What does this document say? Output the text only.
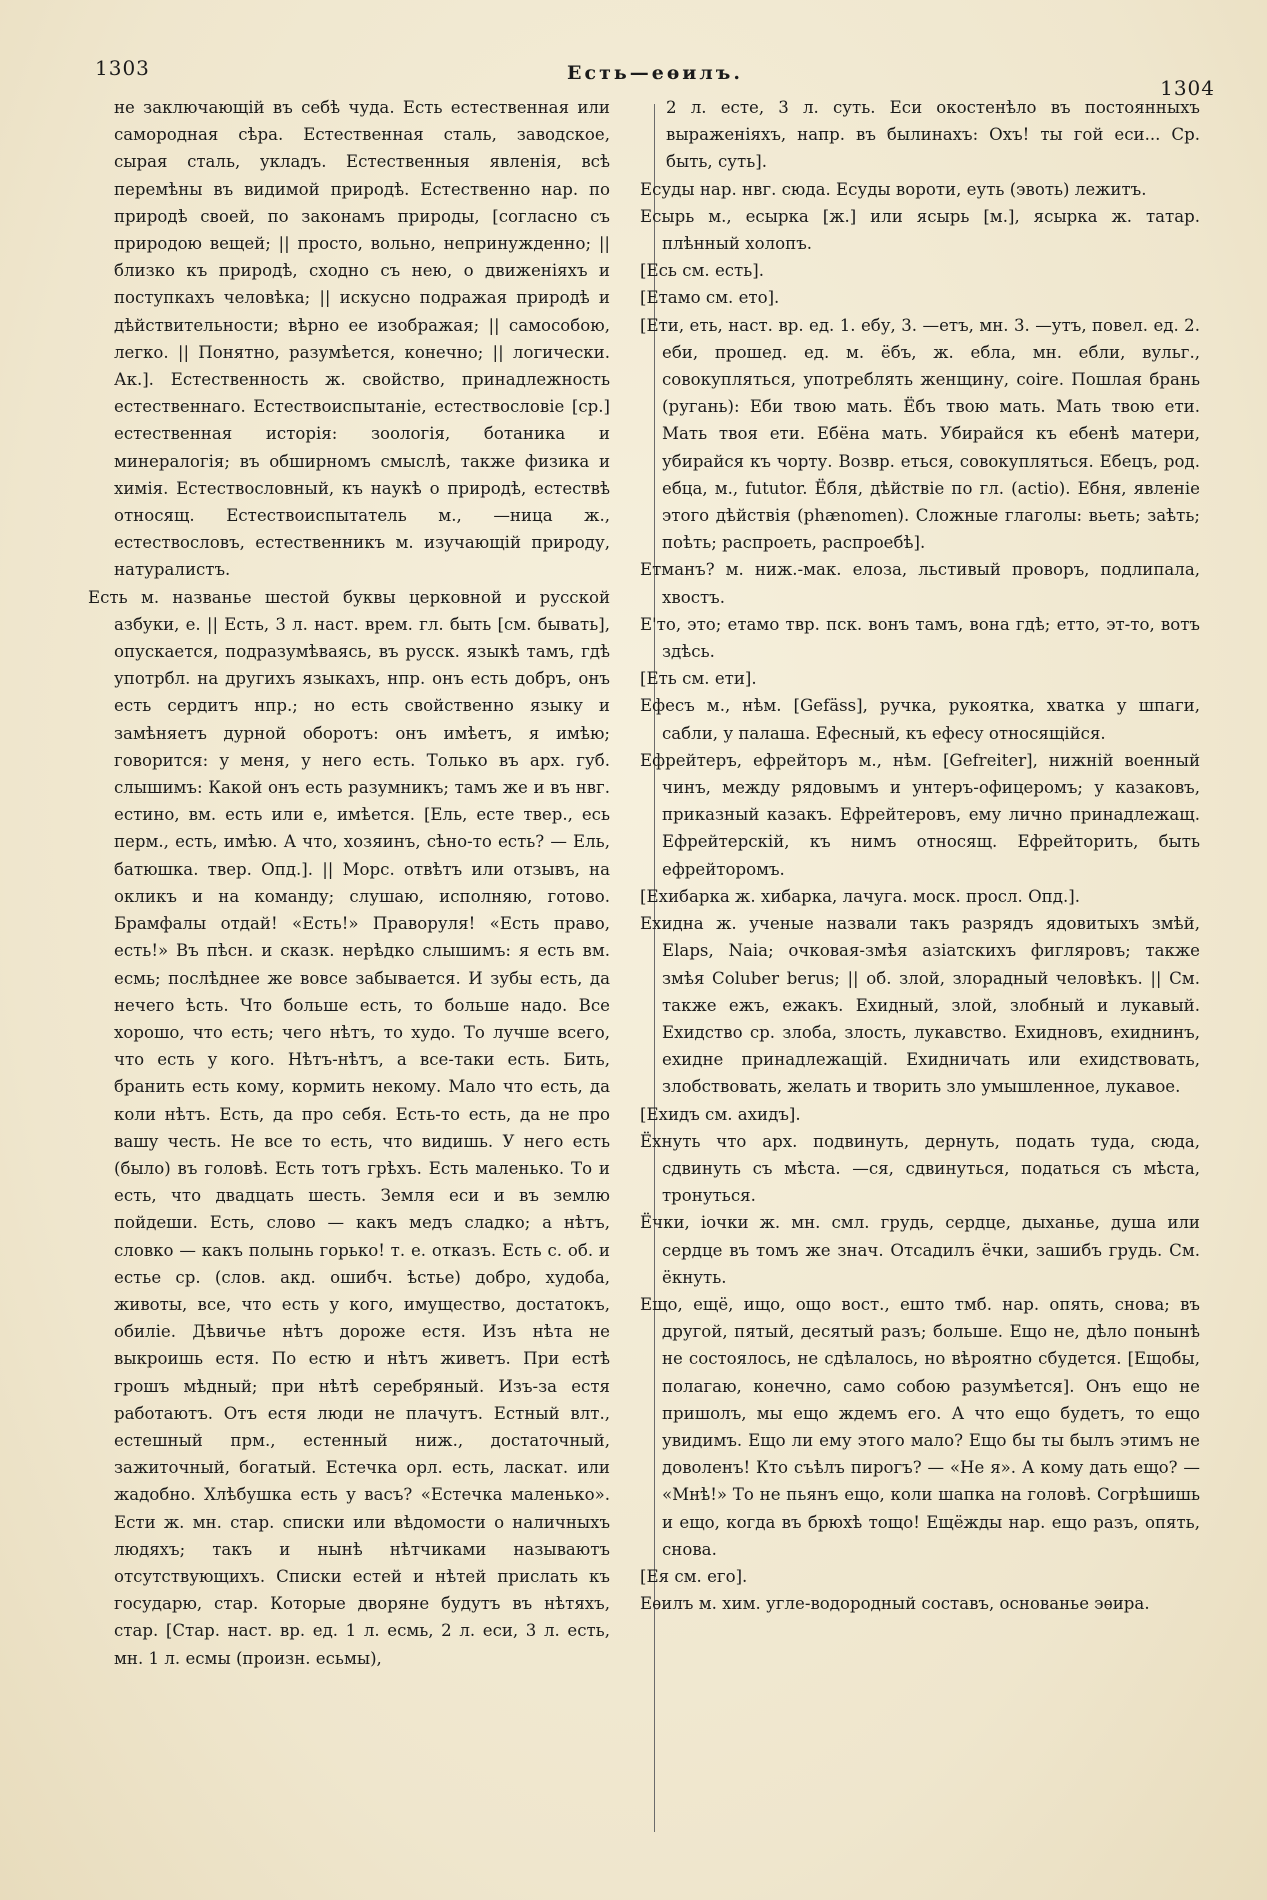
1303	Есть—еѳилъ.
1304
не заключающiй въ себѣ чуда. Есть естественная или самородная сѣра. Естественная сталь, заводское, сырая сталь, укладъ. Естественныя явленiя, всѣ перемѣны въ видимой природѣ. Естественно нар. по природѣ своей, по законамъ природы, [согласно съ природою вещей; || просто, вольно, непринужденно; || близко къ природѣ, сходно съ нею, о движенiяхъ и поступкахъ человѣка; || искусно подражая природѣ и дѣйствительности; вѣрно ее изображая; || самособою, легко. || Понятно, разумѣется, конечно; || логически. Ак.]. Естественность ж. свойство, принадлежность естественнаго. Естествоиспытанiе, естествословiе [ср.] естественная исторiя: зоологiя, ботаника и минералогiя; въ обширномъ смыслѣ, также физика и химiя. Естествословный, къ наукѣ о природѣ, естествѣ относящ. Естествоиспытатель м., —ница ж., естествословъ, естественникъ м. изучающiй природу, натуралистъ.
Есть м. названье шестой буквы церковной и русской азбуки, е. || Есть, 3 л. наст. врем. гл. быть [см. бывать], опускается, подразумѣваясь, въ русск. языкѣ тамъ, гдѣ употрбл. на другихъ языкахъ, нпр. онъ есть добръ, онъ есть сердитъ нпр.; но есть свойственно языку и замѣняетъ дурной оборотъ: онъ имѣетъ, я имѣю; говорится: у меня, у него есть. Только въ арх. губ. слышимъ: Какой онъ есть разумникъ; тамъ же и въ нвг. естино, вм. есть или е, имѣется. [Ель, есте твер., есь перм., есть, имѣю. А что, хозяинъ, сѣно-то есть? — Ель, батюшка. твер. Опд.]. || Морс. отвѣтъ или отзывъ, на окликъ и на команду; слушаю, исполняю, готово. Брамфалы отдай! «Есть!» Праворуля! «Есть право, есть!» Въ пѣсн. и сказк. нерѣдко слышимъ: я есть вм. есмь; послѣднее же вовсе забывается. И зубы есть, да нечего ѣсть. Что больше есть, то больше надо. Все хорошо, что есть; чего нѣтъ, то худо. То лучше всего, что есть у кого. Нѣтъ-нѣтъ, а все-таки есть. Бить, бранить есть кому, кормить некому. Мало что есть, да коли нѣтъ. Есть, да про себя. Есть-то есть, да не про вашу честь. Не все то есть, что видишь. У него есть (было) въ головѣ. Есть тотъ грѣхъ. Есть маленько. То и есть, что двадцать шесть. Земля еси и въ землю пойдеши. Есть, слово — какъ медъ сладко; а нѣтъ, словко — какъ полынь горько! т. е. отказъ. Есть с. об. и естье ср. (слов. акд. ошибч. ѣстье) добро, худоба, животы, все, что есть у кого, имущество, достатокъ, обилiе. Дѣвичье нѣтъ дороже естя. Изъ нѣта не выкроишь естя. По естю и нѣтъ живетъ. При естѣ грошъ мѣдный; при нѣтѣ серебряный. Изъ-за естя работаютъ. Отъ естя люди не плачутъ. Естный влт., естешный прм., естенный ниж., достаточный, зажиточный, богатый. Естечка орл. есть, ласкат. или жадобно. Хлѣбушка есть у васъ? «Естечка маленько». Ести ж. мн. стар. списки или вѣдомости о наличныхъ людяхъ; такъ и нынѣ нѣтчиками называютъ отсутствующихъ. Списки естей и нѣтей прислать къ государю, стар. Которые дворяне будутъ въ нѣтяхъ, стар. [Стар. наст. вр. ед. 1 л. есмь, 2 л. еси, 3 л. есть, мн. 1 л. есмы (произн. есьмы),
2 л. есте, 3 л. суть. Еси окостенѣло въ постоянныхъ выраженiяхъ, напр. въ былинахъ: Охъ! ты гой еси... Ср. быть, суть].
Есуды нар. нвг. сюда. Есуды вороти, еуть (эвоть) лежитъ.
Есырь м., есырка [ж.] или ясырь [м.], ясырка ж. татар. плѣнный холопъ.
[Есь см. есть].
[Етамо см. ето].
[Ети, еть, наст. вр. ед. 1. ебу, 3. —етъ, мн. 3. —утъ, повел. ед. 2. еби, прошед. ед. м. ёбъ, ж. ебла, мн. ебли, вульг., совокупляться, употреблять женщину, coire. Пошлая брань (ругань): Еби твою мать. Ёбъ твою мать. Мать твою ети. Мать твоя ети. Ебёна мать. Убирайся къ ебенѣ матери, убирайся къ чорту. Возвр. еться, совокупляться. Ебецъ, род. ебца, м., fututor. Ёбля, дѣйствiе по гл. (actio). Ебня, явленiе этого дѣйствiя (phænomen). Сложные глаголы: вьеть; заѣть; поѣть; распроеть, распроебѣ].
Етманъ? м. ниж.-мак. елоза, льстивый проворъ, подлипала, хвостъ.
Е'то, это; етамо твр. пск. вонъ тамъ, вона гдѣ; етто, эт-то, вотъ здѣсь.
[Еть см. ети].
Ефесъ м., нѣм. [Gefäss], ручка, рукоятка, хватка у шпаги, сабли, у палаша. Ефесный, къ ефесу относящiйся.
Ефрейтеръ, ефрейторъ м., нѣм. [Gefreiter], нижнiй военный чинъ, между рядовымъ и унтеръ-офицеромъ; у казаковъ, приказный казакъ. Ефрейтеровъ, ему лично принадлежащ. Ефрейтерскiй, къ нимъ относящ. Ефрейторить, быть ефрейторомъ.
[Ехибарка ж. хибарка, лачуга. моск. просл. Опд.].
Ехидна ж. ученые назвали такъ разрядъ ядовитыхъ змѣй, Elaps, Naia; очковая-змѣя азiатскихъ фигляровъ; также змѣя Coluber berus; || об. злой, злорадный человѣкъ. || См. также ежъ, ежакъ. Ехидный, злой, злобный и лукавый. Ехидство ср. злоба, злость, лукавство. Ехидновъ, ехиднинъ, ехидне принадлежащiй. Ехидничать или ехидствовать, злобствовать, желать и творить зло умышленное, лукавое.
[Ехидъ см. ахидъ].
Ёхнуть что арх. подвинуть, дернуть, подать туда, сюда, сдвинуть съ мѣста. —ся, сдвинуться, податься съ мѣста, тронуться.
Ёчки, iочки ж. мн. смл. грудь, сердце, дыханье, душа или сердце въ томъ же знач. Отсадилъ ёчки, зашибъ грудь. См. ёкнуть.
Ещо, ещё, ищо, ощо вост., ешто тмб. нар. опять, снова; въ другой, пятый, десятый разъ; больше. Ещо не, дѣло понынѣ не состоялось, не сдѣлалось, но вѣроятно сбудется. [Ещобы, полагаю, конечно, само собою разумѣется]. Онъ ещо не пришолъ, мы ещо ждемъ его. А что ещо будетъ, то ещо увидимъ. Ещо ли ему этого мало? Ещо бы ты былъ этимъ не доволенъ! Кто съѣлъ пирогъ? — «Не я». А кому дать ещо? — «Мнѣ!» То не пьянъ ещо, коли шапка на головѣ. Согрѣшишь и ещо, когда въ брюхѣ тощо! Ещёжды нар. ещо разъ, опять, снова.
[Ея см. его].
Еѳилъ м. хим. угле-водородный составъ, основанье эѳира.
